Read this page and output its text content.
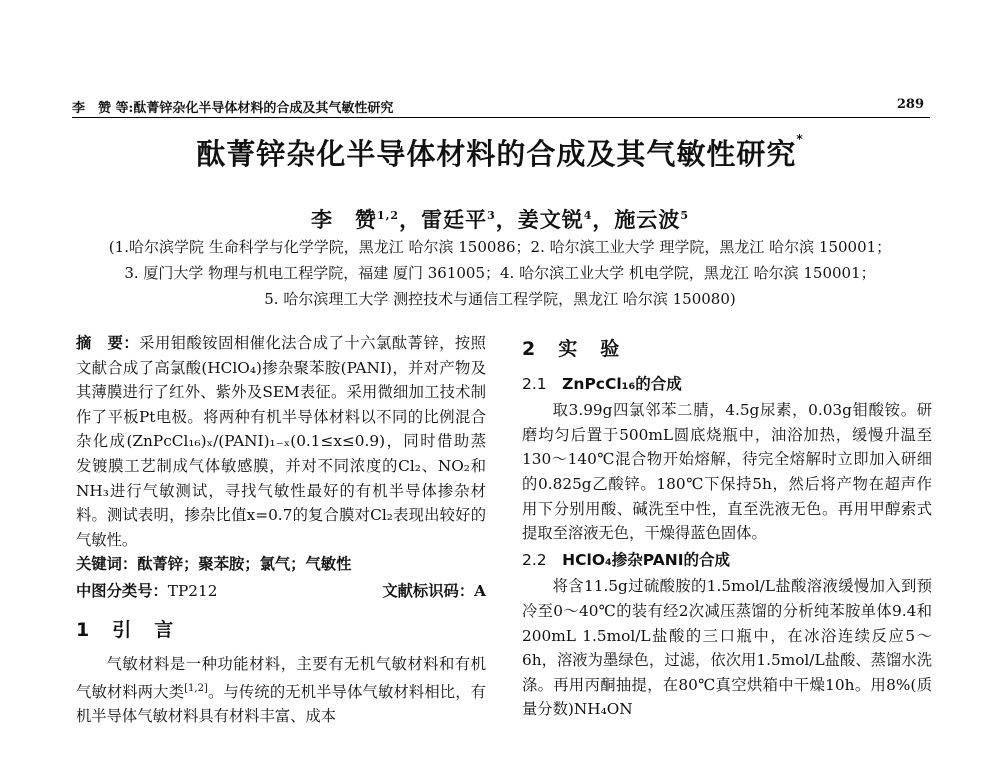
李　赞 等:酞菁锌杂化半导体材料的合成及其气敏性研究	289
酞菁锌杂化半导体材料的合成及其气敏性研究*
李　赞$^{1,2}$，雷廷平$^3$，姜文锐$^4$，施云波$^5$
(1.哈尔滨学院 生命科学与化学学院，黑龙江 哈尔滨 150086；2. 哈尔滨工业大学 理学院，黑龙江 哈尔滨 150001；
3. 厦门大学 物理与机电工程学院，福建 厦门 361005；4. 哈尔滨工业大学 机电学院，黑龙江 哈尔滨 150001；
5. 哈尔滨理工大学 测控技术与通信工程学院，黑龙江 哈尔滨 150080)

摘　要：采用钼酸铵固相催化法合成了十六氯酞菁锌，按照文献合成了高氯酸(HClO₄)掺杂聚苯胺(PANI)，并对产物及其薄膜进行了红外、紫外及SEM表征。采用微细加工技术制作了平板Pt电极。将两种有机半导体材料以不同的比例混合杂化成(ZnPcCl₁₆)ₓ/(PANI)₁₋ₓ(0.1≤x≤0.9)，同时借助蒸发镀膜工艺制成气体敏感膜，并对不同浓度的Cl₂、NO₂和NH₃进行气敏测试，寻找气敏性最好的有机半导体掺杂材料。测试表明，掺杂比值x=0.7的复合膜对Cl₂表现出较好的气敏性。

关键词：酞菁锌；聚苯胺；氯气；气敏性

中图分类号：TP212	文献标识码：A
1　引　言

气敏材料是一种功能材料，主要有无机气敏材料和有机气敏材料两大类[1,2]。与传统的无机半导体气敏材料相比，有机半导体气敏材料具有材料丰富、成本

2　实　验
2.1　 ZnPcCl₁₆的合成

取3.99g四氯邻苯二腈，4.5g尿素，0.03g钼酸铵。研磨均匀后置于500mL圆底烧瓶中，油浴加热，缓慢升温至130～140℃混合物开始熔解，待完全熔解时立即加入研细的0.825g乙酸锌。180℃下保持5h，然后将产物在超声作用下分别用酸、碱洗至中性，直至洗液无色。再用甲醇索式提取至溶液无色，干燥得蓝色固体。

2.2　 HClO₄掺杂PANI的合成

将含11.5g过硫酸胺的1.5mol/L盐酸溶液缓慢加入到预冷至0～40℃的装有经2次减压蒸馏的分析纯苯胺单体9.4和200mL 1.5mol/L盐酸的三口瓶中，在冰浴连续反应5～6h，溶液为墨绿色，过滤，依次用1.5mol/L盐酸、蒸馏水洗涤。再用丙酮抽提，在80℃真空烘箱中干燥10h。用8%(质量分数)NH₄ON
